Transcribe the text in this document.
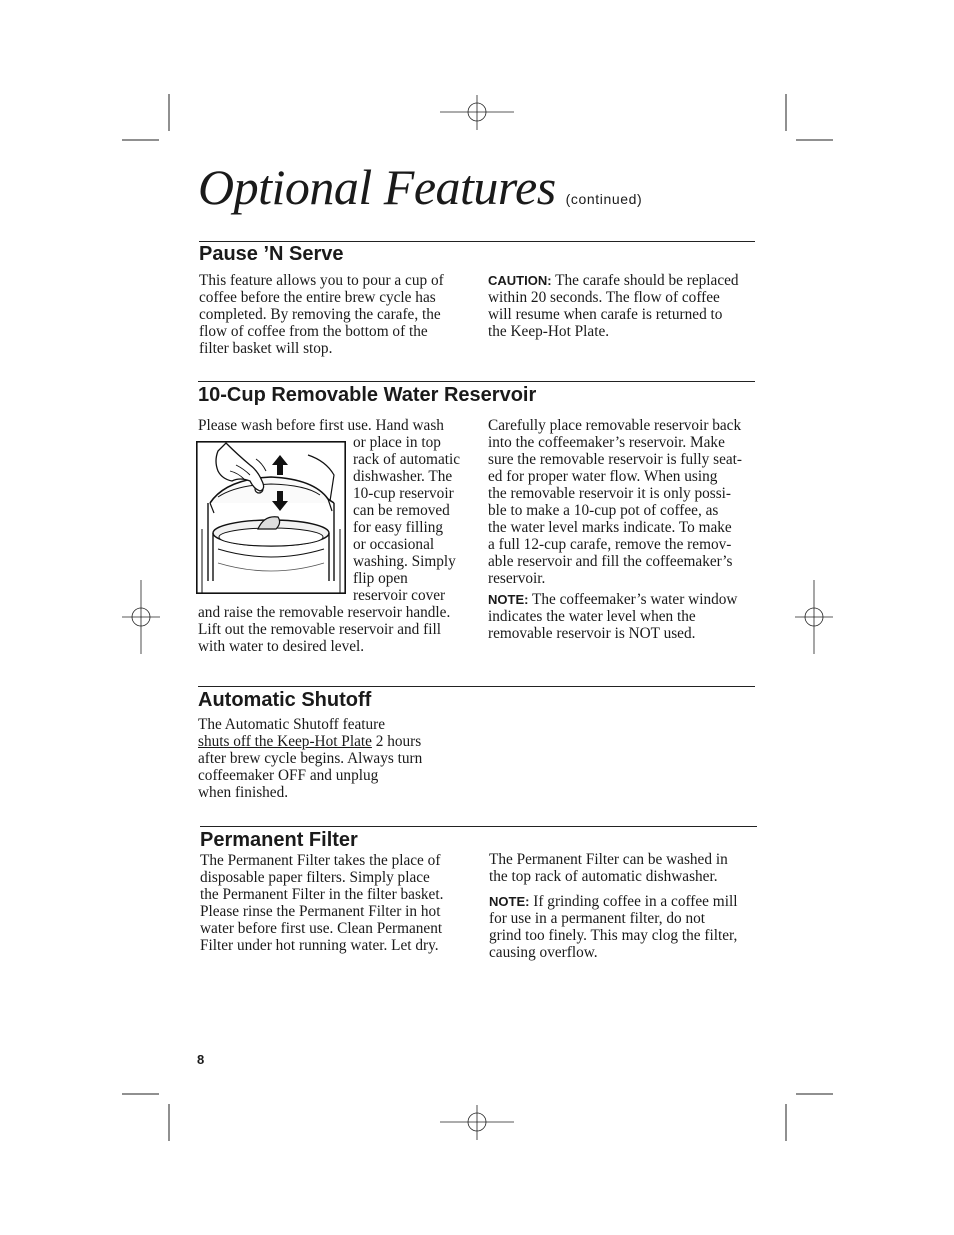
Optional Features (continued)
Pause ’N Serve
This feature allows you to pour a cup of
coffee before the entire brew cycle has
completed. By removing the carafe, the
flow of coffee from the bottom of the
filter basket will stop.
CAUTION: The carafe should be replaced
within 20 seconds. The flow of coffee
will resume when carafe is returned to
the Keep-Hot Plate.
10-Cup Removable Water Reservoir
Please wash before first use. Hand wash
or place in top
rack of automatic
dishwasher. The
10-cup reservoir
can be removed
for easy filling
or occasional
washing. Simply
flip open
reservoir cover
and raise the removable reservoir handle.
Lift out the removable reservoir and fill
with water to desired level.
Carefully place removable reservoir back
into the coffeemaker’s reservoir. Make
sure the removable reservoir is fully seat-
ed for proper water flow. When using
the removable reservoir it is only possi-
ble to make a 10-cup pot of coffee, as
the water level marks indicate. To make
a full 12-cup carafe, remove the remov-
able reservoir and fill the coffeemaker’s
reservoir.
NOTE: The coffeemaker’s water window
indicates the water level when the
removable reservoir is NOT used.
Automatic Shutoff
The Automatic Shutoff feature
shuts off the Keep-Hot Plate 2 hours
after brew cycle begins. Always turn
coffeemaker OFF and unplug
when finished.
Permanent Filter
The Permanent Filter takes the place of
disposable paper filters. Simply place
the Permanent Filter in the filter basket.
Please rinse the Permanent Filter in hot
water before first use. Clean Permanent
Filter under hot running water. Let dry.
The Permanent Filter can be washed in
the top rack of automatic dishwasher.
NOTE: If grinding coffee in a coffee mill
for use in a permanent filter, do not
grind too finely. This may clog the filter,
causing overflow.
8
